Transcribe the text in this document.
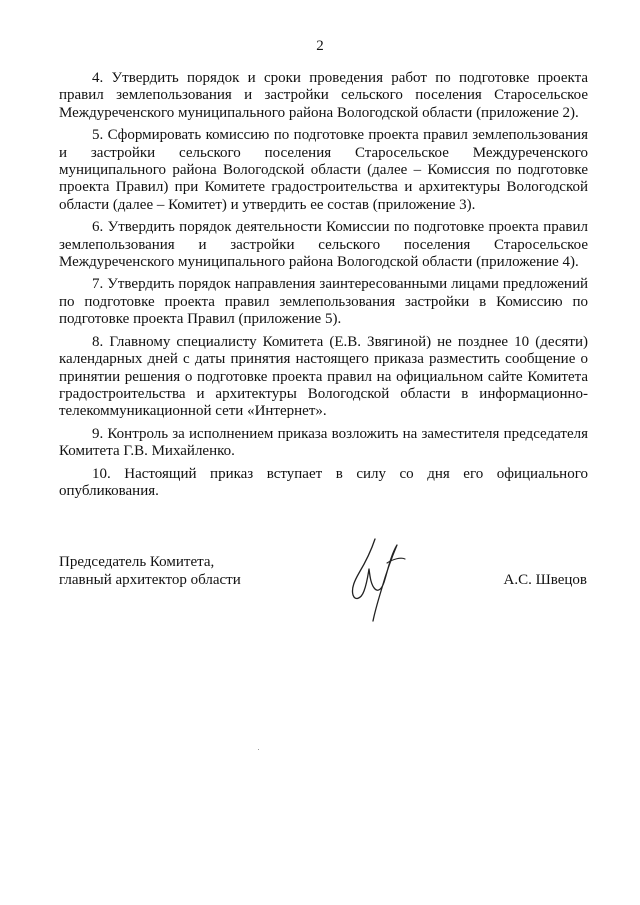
2

4. Утвердить порядок и сроки проведения работ по подготовке проекта правил землепользования и застройки сельского поселения Старосельское Междуреченского муниципального района Вологодской области (приложение 2).

5. Сформировать комиссию по подготовке проекта правил землепользования и застройки сельского поселения Старосельское Междуреченского муниципального района Вологодской области (далее – Комиссия по подготовке проекта Правил) при Комитете градостроительства и архитектуры Вологодской области (далее – Комитет) и утвердить ее состав (приложение 3).

6. Утвердить порядок деятельности Комиссии по подготовке проекта правил землепользования и застройки сельского поселения Старосельское Междуреченского муниципального района Вологодской области (приложение 4).

7. Утвердить порядок направления заинтересованными лицами предложений по подготовке проекта правил землепользования застройки в Комиссию по подготовке проекта Правил (приложение 5).

8. Главному специалисту Комитета (Е.В. Звягиной) не позднее 10 (десяти) календарных дней с даты принятия настоящего приказа разместить сообщение о принятии решения о подготовке проекта правил на официальном сайте Комитета градостроительства и архитектуры Вологодской области в информационно-телекоммуникационной сети «Интернет».

9. Контроль за исполнением приказа возложить на заместителя председателя Комитета Г.В. Михайленко.

10. Настоящий приказ вступает в силу со дня его официального опубликования.

Председатель Комитета,
главный архитектор области	А.С. Швецов
